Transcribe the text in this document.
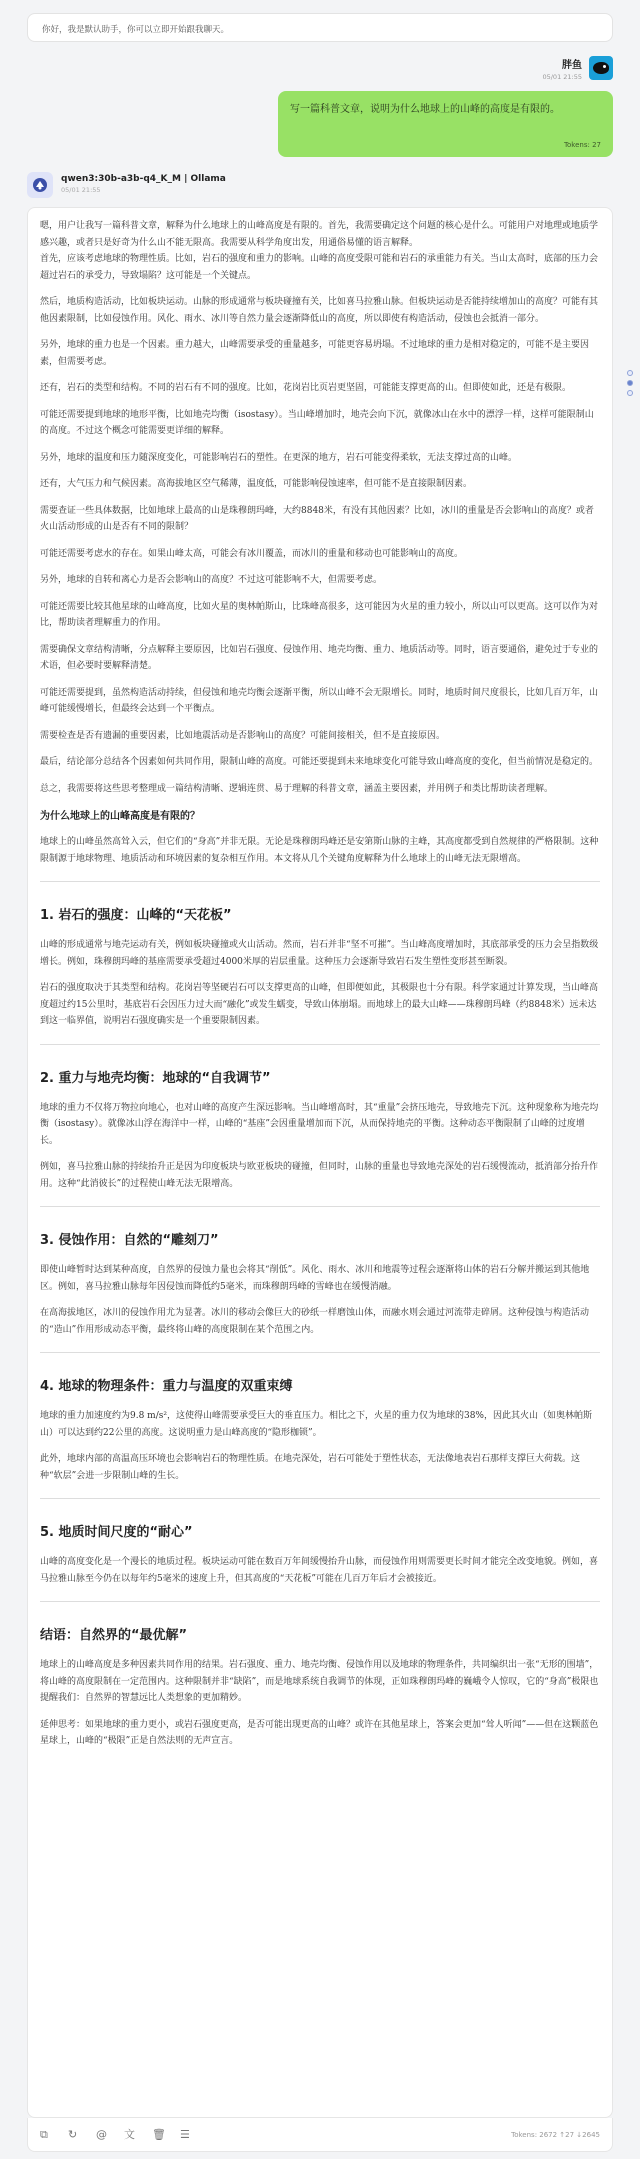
你好，我是默认助手，你可以立即开始跟我聊天。
胖鱼
05/01 21:55
写一篇科普文章，说明为什么地球上的山峰的高度是有限的。
Tokens: 27
qwen3:30b-a3b-q4_K_M | Ollama
05/01 21:55

嗯，用户让我写一篇科普文章，解释为什么地球上的山峰高度是有限的。首先，我需要确定这个问题的核心是什么。可能用户对地理或地质学感兴趣，或者只是好奇为什么山不能无限高。我需要从科学角度出发，用通俗易懂的语言解释。

首先，应该考虑地球的物理性质。比如，岩石的强度和重力的影响。山峰的高度受限可能和岩石的承重能力有关。当山太高时，底部的压力会超过岩石的承受力，导致塌陷？这可能是一个关键点。

然后，地质构造活动，比如板块运动。山脉的形成通常与板块碰撞有关，比如喜马拉雅山脉。但板块运动是否能持续增加山的高度？可能有其他因素限制，比如侵蚀作用。风化、雨水、冰川等自然力量会逐渐降低山的高度，所以即使有构造活动，侵蚀也会抵消一部分。

另外，地球的重力也是一个因素。重力越大，山峰需要承受的重量越多，可能更容易坍塌。不过地球的重力是相对稳定的，可能不是主要因素，但需要考虑。

还有，岩石的类型和结构。不同的岩石有不同的强度。比如，花岗岩比页岩更坚固，可能能支撑更高的山。但即使如此，还是有极限。

可能还需要提到地球的地形平衡，比如地壳均衡（isostasy）。当山峰增加时，地壳会向下沉，就像冰山在水中的漂浮一样，这样可能限制山的高度。不过这个概念可能需要更详细的解释。

另外，地球的温度和压力随深度变化，可能影响岩石的塑性。在更深的地方，岩石可能变得柔软，无法支撑过高的山峰。

还有，大气压力和气候因素。高海拔地区空气稀薄，温度低，可能影响侵蚀速率，但可能不是直接限制因素。

需要查证一些具体数据，比如地球上最高的山是珠穆朗玛峰，大约8848米，有没有其他因素？比如，冰川的重量是否会影响山的高度？或者火山活动形成的山是否有不同的限制？

可能还需要考虑水的存在。如果山峰太高，可能会有冰川覆盖，而冰川的重量和移动也可能影响山的高度。

另外，地球的自转和离心力是否会影响山的高度？不过这可能影响不大，但需要考虑。

可能还需要比较其他星球的山峰高度，比如火星的奥林帕斯山，比珠峰高很多，这可能因为火星的重力较小，所以山可以更高。这可以作为对比，帮助读者理解重力的作用。

需要确保文章结构清晰，分点解释主要原因，比如岩石强度、侵蚀作用、地壳均衡、重力、地质活动等。同时，语言要通俗，避免过于专业的术语，但必要时要解释清楚。

可能还需要提到，虽然构造活动持续，但侵蚀和地壳均衡会逐渐平衡，所以山峰不会无限增长。同时，地质时间尺度很长，比如几百万年，山峰可能缓慢增长，但最终会达到一个平衡点。

需要检查是否有遗漏的重要因素，比如地震活动是否影响山的高度？可能间接相关，但不是直接原因。

最后，结论部分总结各个因素如何共同作用，限制山峰的高度。可能还要提到未来地球变化可能导致山峰高度的变化，但当前情况是稳定的。

总之，我需要将这些思考整理成一篇结构清晰、逻辑连贯、易于理解的科普文章，涵盖主要因素，并用例子和类比帮助读者理解。

为什么地球上的山峰高度是有限的？

地球上的山峰虽然高耸入云，但它们的“身高”并非无限。无论是珠穆朗玛峰还是安第斯山脉的主峰，其高度都受到自然规律的严格限制。这种限制源于地球物理、地质活动和环境因素的复杂相互作用。本文将从几个关键角度解释为什么地球上的山峰无法无限增高。

1. 岩石的强度：山峰的“天花板”

山峰的形成通常与地壳运动有关，例如板块碰撞或火山活动。然而，岩石并非“坚不可摧”。当山峰高度增加时，其底部承受的压力会呈指数级增长。例如，珠穆朗玛峰的基座需要承受超过4000米厚的岩层重量。这种压力会逐渐导致岩石发生塑性变形甚至断裂。

岩石的强度取决于其类型和结构。花岗岩等坚硬岩石可以支撑更高的山峰，但即便如此，其极限也十分有限。科学家通过计算发现，当山峰高度超过约15公里时，基底岩石会因压力过大而“融化”或发生蠕变，导致山体崩塌。而地球上的最大山峰——珠穆朗玛峰（约8848米）远未达到这一临界值，说明岩石强度确实是一个重要限制因素。

2. 重力与地壳均衡：地球的“自我调节”

地球的重力不仅将万物拉向地心，也对山峰的高度产生深远影响。当山峰增高时，其“重量”会挤压地壳，导致地壳下沉。这种现象称为地壳均衡（isostasy）。就像冰山浮在海洋中一样，山峰的“基座”会因重量增加而下沉，从而保持地壳的平衡。这种动态平衡限制了山峰的过度增长。

例如，喜马拉雅山脉的持续抬升正是因为印度板块与欧亚板块的碰撞，但同时，山脉的重量也导致地壳深处的岩石缓慢流动，抵消部分抬升作用。这种“此消彼长”的过程使山峰无法无限增高。

3. 侵蚀作用：自然的“雕刻刀”

即使山峰暂时达到某种高度，自然界的侵蚀力量也会将其“削低”。风化、雨水、冰川和地震等过程会逐渐将山体的岩石分解并搬运到其他地区。例如，喜马拉雅山脉每年因侵蚀而降低约5毫米，而珠穆朗玛峰的雪峰也在缓慢消融。

在高海拔地区，冰川的侵蚀作用尤为显著。冰川的移动会像巨大的砂纸一样磨蚀山体，而融水则会通过河流带走碎屑。这种侵蚀与构造活动的“造山”作用形成动态平衡，最终将山峰的高度限制在某个范围之内。

4. 地球的物理条件：重力与温度的双重束缚

地球的重力加速度约为9.8 m/s²，这使得山峰需要承受巨大的垂直压力。相比之下，火星的重力仅为地球的38%，因此其火山（如奥林帕斯山）可以达到约22公里的高度。这说明重力是山峰高度的“隐形枷锁”。

此外，地球内部的高温高压环境也会影响岩石的物理性质。在地壳深处，岩石可能处于塑性状态，无法像地表岩石那样支撑巨大荷载。这种“软层”会进一步限制山峰的生长。

5. 地质时间尺度的“耐心”

山峰的高度变化是一个漫长的地质过程。板块运动可能在数百万年间缓慢抬升山脉，而侵蚀作用则需要更长时间才能完全改变地貌。例如，喜马拉雅山脉至今仍在以每年约5毫米的速度上升，但其高度的“天花板”可能在几百万年后才会被接近。

结语：自然界的“最优解”

地球上的山峰高度是多种因素共同作用的结果。岩石强度、重力、地壳均衡、侵蚀作用以及地球的物理条件，共同编织出一张“无形的围墙”，将山峰的高度限制在一定范围内。这种限制并非“缺陷”，而是地球系统自我调节的体现，正如珠穆朗玛峰的巍峨令人惊叹，它的“身高”极限也提醒我们：自然界的智慧远比人类想象的更加精妙。

延伸思考：如果地球的重力更小，或岩石强度更高，是否可能出现更高的山峰？或许在其他星球上，答案会更加“耸人听闻”——但在这颗蓝色星球上，山峰的“极限”正是自然法则的无声宣言。

⧉	↻ @ 文 🗑 ☰	Tokens: 2672 ↑27 ↓2645
